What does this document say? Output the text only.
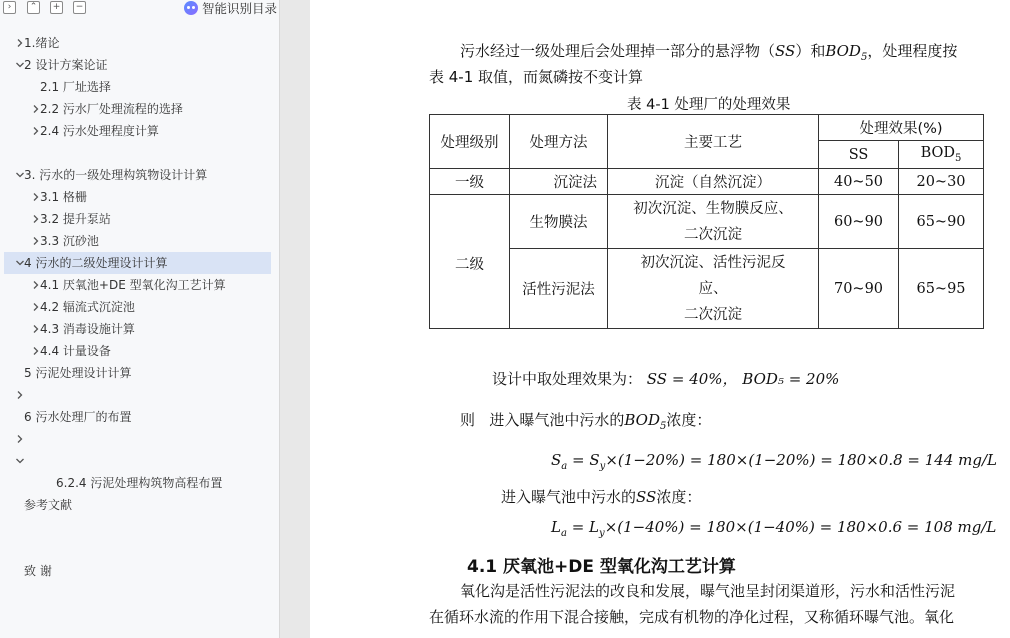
›	⌃	+	−	智能识别目录
1.绪论
2 设计方案论证
2.1 厂址选择
2.2 污水厂处理流程的选择
2.4 污水处理程度计算
3. 污水的一级处理构筑物设计计算
3.1 格栅
3.2 提升泵站
3.3 沉砂池
4 污水的二级处理设计计算
4.1 厌氧池+DE 型氧化沟工艺计算
4.2 辐流式沉淀池
4.3 消毒设施计算
4.4 计量设备
5 污泥处理设计计算
6 污水处理厂的布置
6.2.4 污泥处理构筑物高程布置
参考文献
致 谢
污水经过一级处理后会处理掉一部分的悬浮物（SS）和$BOD_5$，处理程度按
表 4-1 取值，而氮磷按不变计算
表 4-1 处理厂的处理效果
处理级别	处理方法	主要工艺	处理效果(%)	
			SS	$BOD_5$
一级	沉淀法	沉淀（自然沉淀）	40~50	20~30
二级	生物膜法	初次沉淀、生物膜反应、
二次沉淀	60~90	65~90
	活性污泥法	初次沉淀、活性污泥反
应、
二次沉淀	70~90	65~95
设计中取处理效果为： SS = 40%， BOD₅ = 20%
则 进入曝气池中污水的$BOD_5$浓度：
$S_a = S_y\times(1-20\%) = 180\times(1-20\%) = 180\times 0.8 = 144$ mg/L
进入曝气池中污水的SS浓度：
$L_a = L_y\times(1-40\%) = 180\times(1-40\%) = 180\times 0.6 = 108$ mg/L
4.1 厌氧池+DE 型氧化沟工艺计算
氧化沟是活性污泥法的改良和发展，曝气池呈封闭渠道形，污水和活性污泥
在循环水流的作用下混合接触，完成有机物的净化过程，又称循环曝气池。氧化
